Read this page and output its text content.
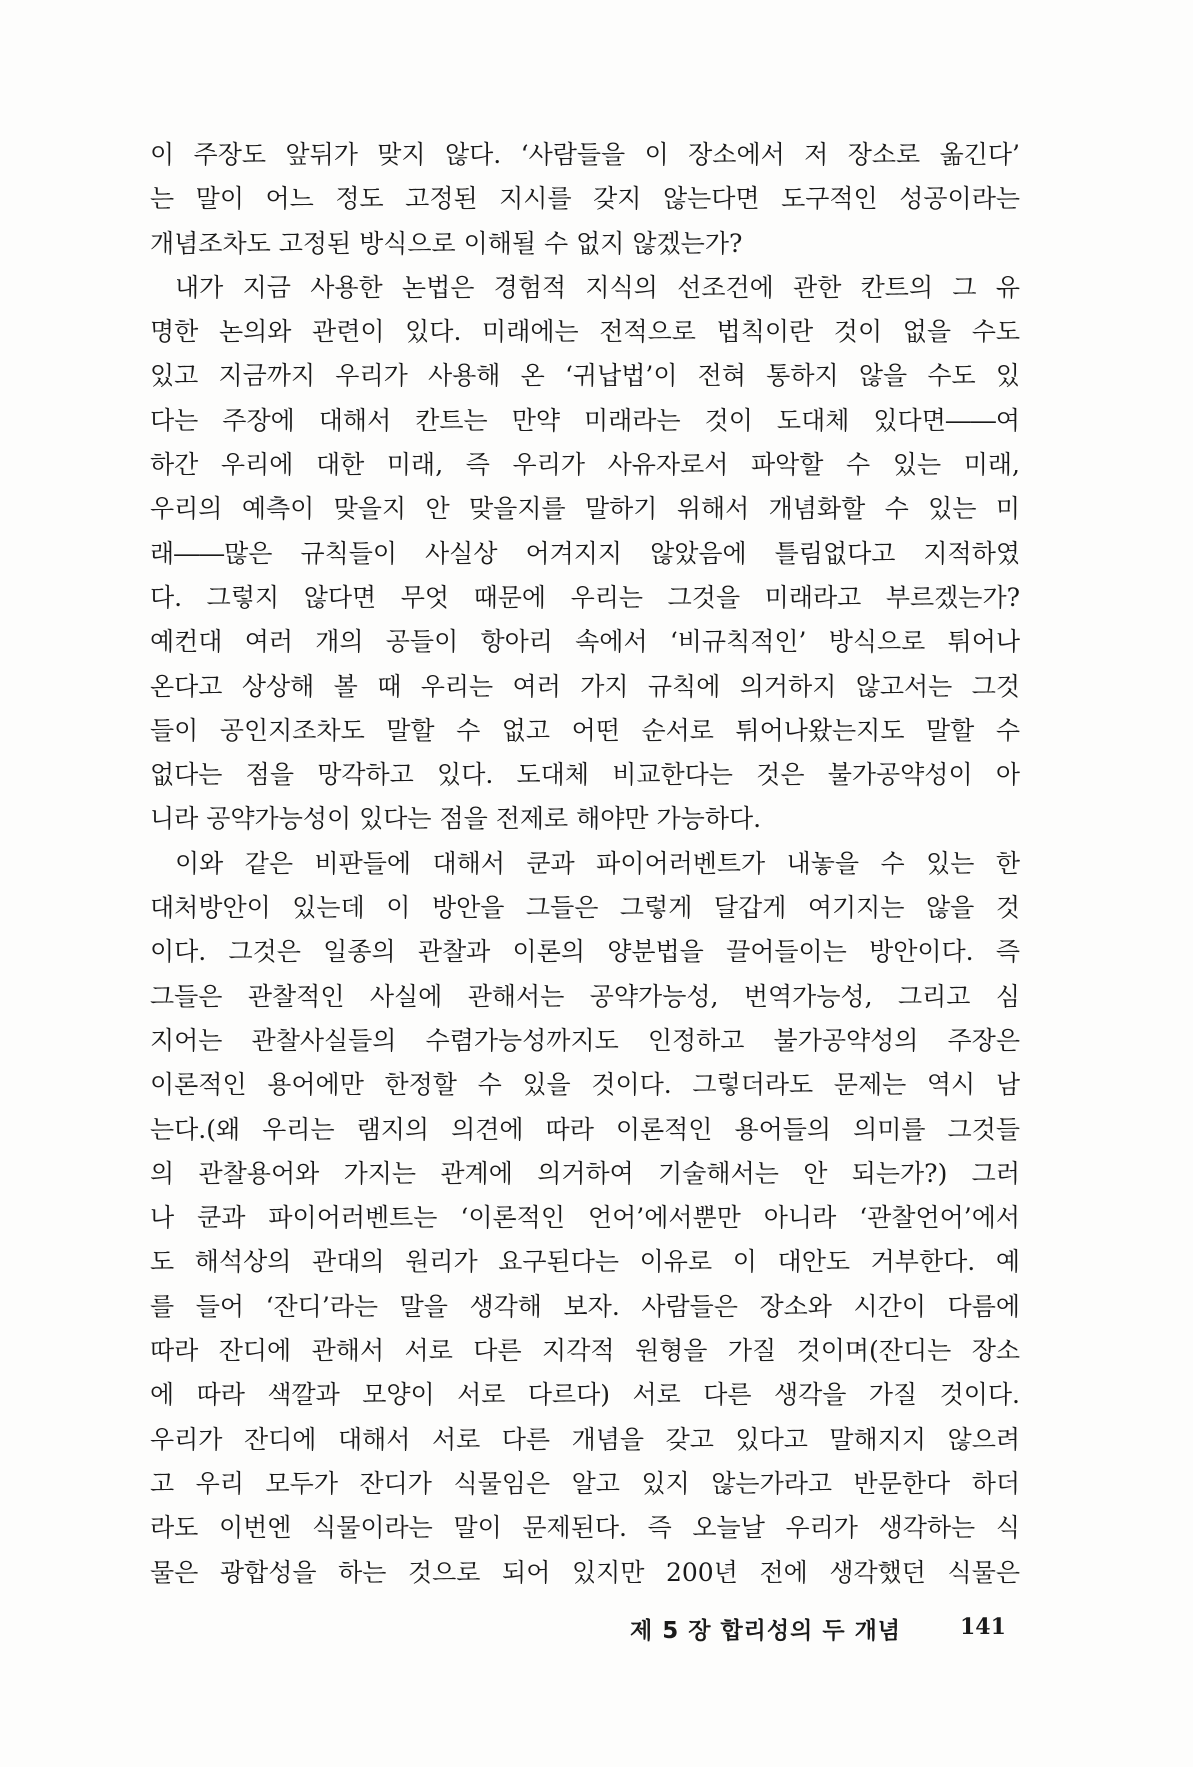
이 주장도 앞뒤가 맞지 않다. ‘사람들을 이 장소에서 저 장소로 옮긴다’
는 말이 어느 정도 고정된 지시를 갖지 않는다면 도구적인 성공이라는
개념조차도 고정된 방식으로 이해될 수 없지 않겠는가?
내가 지금 사용한 논법은 경험적 지식의 선조건에 관한 칸트의 그 유
명한 논의와 관련이 있다. 미래에는 전적으로 법칙이란 것이 없을 수도
있고 지금까지 우리가 사용해 온 ‘귀납법’이 전혀 통하지 않을 수도 있
다는 주장에 대해서 칸트는 만약 미래라는 것이 도대체 있다면――여
하간 우리에 대한 미래, 즉 우리가 사유자로서 파악할 수 있는 미래,
우리의 예측이 맞을지 안 맞을지를 말하기 위해서 개념화할 수 있는 미
래――많은 규칙들이 사실상 어겨지지 않았음에 틀림없다고 지적하였
다. 그렇지 않다면 무엇 때문에 우리는 그것을 미래라고 부르겠는가?
예컨대 여러 개의 공들이 항아리 속에서 ‘비규칙적인’ 방식으로 튀어나
온다고 상상해 볼 때 우리는 여러 가지 규칙에 의거하지 않고서는 그것
들이 공인지조차도 말할 수 없고 어떤 순서로 튀어나왔는지도 말할 수
없다는 점을 망각하고 있다. 도대체 비교한다는 것은 불가공약성이 아
니라 공약가능성이 있다는 점을 전제로 해야만 가능하다.
이와 같은 비판들에 대해서 쿤과 파이어러벤트가 내놓을 수 있는 한
대처방안이 있는데 이 방안을 그들은 그렇게 달갑게 여기지는 않을 것
이다. 그것은 일종의 관찰과 이론의 양분법을 끌어들이는 방안이다. 즉
그들은 관찰적인 사실에 관해서는 공약가능성, 번역가능성, 그리고 심
지어는 관찰사실들의 수렴가능성까지도 인정하고 불가공약성의 주장은
이론적인 용어에만 한정할 수 있을 것이다. 그렇더라도 문제는 역시 남
는다.(왜 우리는 램지의 의견에 따라 이론적인 용어들의 의미를 그것들
의 관찰용어와 가지는 관계에 의거하여 기술해서는 안 되는가?) 그러
나 쿤과 파이어러벤트는 ‘이론적인 언어’에서뿐만 아니라 ‘관찰언어’에서
도 해석상의 관대의 원리가 요구된다는 이유로 이 대안도 거부한다. 예
를 들어 ‘잔디’라는 말을 생각해 보자. 사람들은 장소와 시간이 다름에
따라 잔디에 관해서 서로 다른 지각적 원형을 가질 것이며(잔디는 장소
에 따라 색깔과 모양이 서로 다르다) 서로 다른 생각을 가질 것이다.
우리가 잔디에 대해서 서로 다른 개념을 갖고 있다고 말해지지 않으려
고 우리 모두가 잔디가 식물임은 알고 있지 않는가라고 반문한다 하더
라도 이번엔 식물이라는 말이 문제된다. 즉 오늘날 우리가 생각하는 식
물은 광합성을 하는 것으로 되어 있지만 200년 전에 생각했던 식물은
제 5 장 합리성의 두 개념	141
